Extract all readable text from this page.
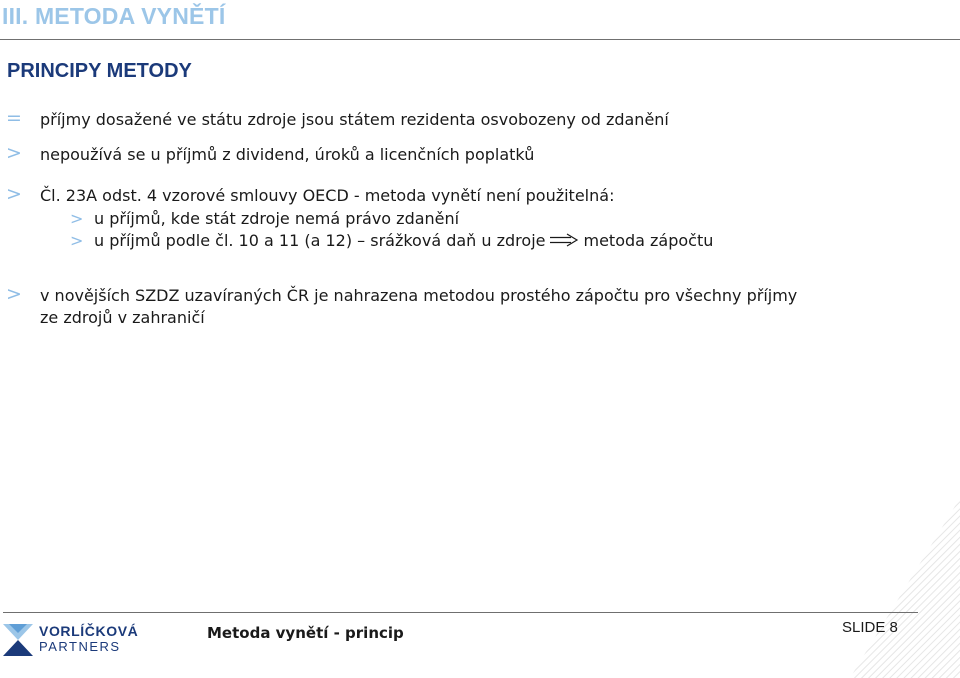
III. METODA VYNĚTÍ
PRINCIPY METODY
= příjmy dosažené ve státu zdroje jsou státem rezidenta osvobozeny od zdanění
> nepoužívá se u příjmů z dividend, úroků a licenčních poplatků
> Čl. 23A odst. 4 vzorové smlouvy OECD - metoda vynětí není použitelná:
> u příjmů, kde stát zdroje nemá právo zdanění
> u příjmů podle čl. 10 a 11 (a 12) – srážková daň u zdroje metoda zápočtu
> v novějších SZDZ uzavíraných ČR je nahrazena metodou prostého zápočtu pro všechny příjmy
ze zdrojů v zahraničí
VORLÍČKOVÁ
PARTNERS
Metoda vynětí - princip	SLIDE 8
